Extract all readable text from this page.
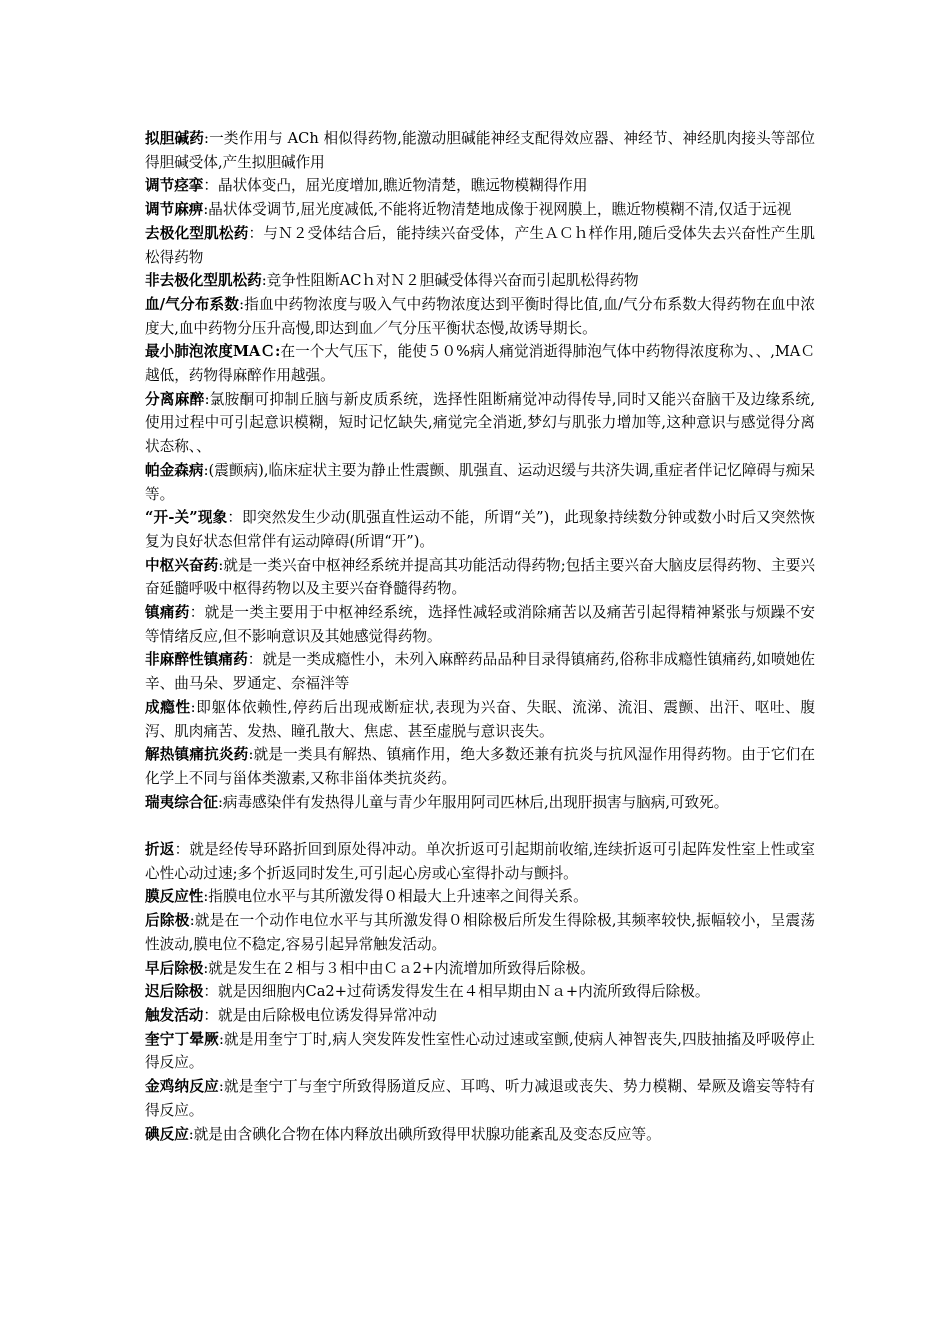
拟胆碱药:一类作用与 ACh 相似得药物,能激动胆碱能神经支配得效应器、神经节、神经肌肉接头等部位得胆碱受体,产生拟胆碱作用

调节痉挛：晶状体变凸，屈光度增加,瞧近物清楚，瞧远物模糊得作用

调节麻痹:晶状体受调节,屈光度减低,不能将近物清楚地成像于视网膜上，瞧近物模糊不清,仅适于远视

去极化型肌松药：与Ｎ２受体结合后，能持续兴奋受体，产生ＡＣｈ样作用,随后受体失去兴奋性产生肌松得药物

非去极化型肌松药:竞争性阻断ACｈ对Ｎ２胆碱受体得兴奋而引起肌松得药物

血/气分布系数:指血中药物浓度与吸入气中药物浓度达到平衡时得比值,血/气分布系数大得药物在血中浓度大,血中药物分压升高慢,即达到血／气分压平衡状态慢,故诱导期长。

最小肺泡浓度MAＣ:在一个大气压下，能使５０%病人痛觉消逝得肺泡气体中药物得浓度称为、、,MAＣ越低，药物得麻醉作用越强。

分离麻醉:氯胺酮可抑制丘脑与新皮质系统，选择性阻断痛觉冲动得传导,同时又能兴奋脑干及边缘系统,使用过程中可引起意识模糊，短时记忆缺失,痛觉完全消逝,梦幻与肌张力增加等,这种意识与感觉得分离状态称、、

帕金森病:(震颤病),临床症状主要为静止性震颤、肌强直、运动迟缓与共济失调,重症者伴记忆障碍与痴呆等。

“开-关”现象：即突然发生少动(肌强直性运动不能，所谓“关”)，此现象持续数分钟或数小时后又突然恢复为良好状态但常伴有运动障碍(所谓“开”)。

中枢兴奋药:就是一类兴奋中枢神经系统并提高其功能活动得药物;包括主要兴奋大脑皮层得药物、主要兴奋延髓呼吸中枢得药物以及主要兴奋脊髓得药物。

镇痛药：就是一类主要用于中枢神经系统，选择性减轻或消除痛苦以及痛苦引起得精神紧张与烦躁不安等情绪反应,但不影响意识及其她感觉得药物。

非麻醉性镇痛药：就是一类成瘾性小，未列入麻醉药品品种目录得镇痛药,俗称非成瘾性镇痛药,如喷她佐辛、曲马朵、罗通定、奈福泮等

成瘾性:即躯体依赖性,停药后出现戒断症状,表现为兴奋、失眠、流涕、流泪、震颤、出汗、呕吐、腹泻、肌肉痛苦、发热、瞳孔散大、焦虑、甚至虚脱与意识丧失。

解热镇痛抗炎药:就是一类具有解热、镇痛作用，绝大多数还兼有抗炎与抗风湿作用得药物。由于它们在化学上不同与甾体类激素,又称非甾体类抗炎药。

瑞夷综合征:病毒感染伴有发热得儿童与青少年服用阿司匹林后,出现肝损害与脑病,可致死。

折返：就是经传导环路折回到原处得冲动。单次折返可引起期前收缩,连续折返可引起阵发性室上性或室心性心动过速;多个折返同时发生,可引起心房或心室得扑动与颤抖。

膜反应性:指膜电位水平与其所激发得０相最大上升速率之间得关系。

后除极:就是在一个动作电位水平与其所激发得０相除极后所发生得除极,其频率较快,振幅较小，呈震荡性波动,膜电位不稳定,容易引起异常触发活动。

早后除极:就是发生在２相与３相中由Ｃａ2+内流增加所致得后除极。

迟后除极：就是因细胞内Ca2+过荷诱发得发生在４相早期由Ｎａ+内流所致得后除极。

触发活动：就是由后除极电位诱发得异常冲动

奎宁丁晕厥:就是用奎宁丁时,病人突发阵发性室性心动过速或室颤,使病人神智丧失,四肢抽搐及呼吸停止得反应。

金鸡纳反应:就是奎宁丁与奎宁所致得肠道反应、耳鸣、听力减退或丧失、势力模糊、晕厥及谵妄等特有得反应。

碘反应:就是由含碘化合物在体内释放出碘所致得甲状腺功能紊乱及变态反应等。
